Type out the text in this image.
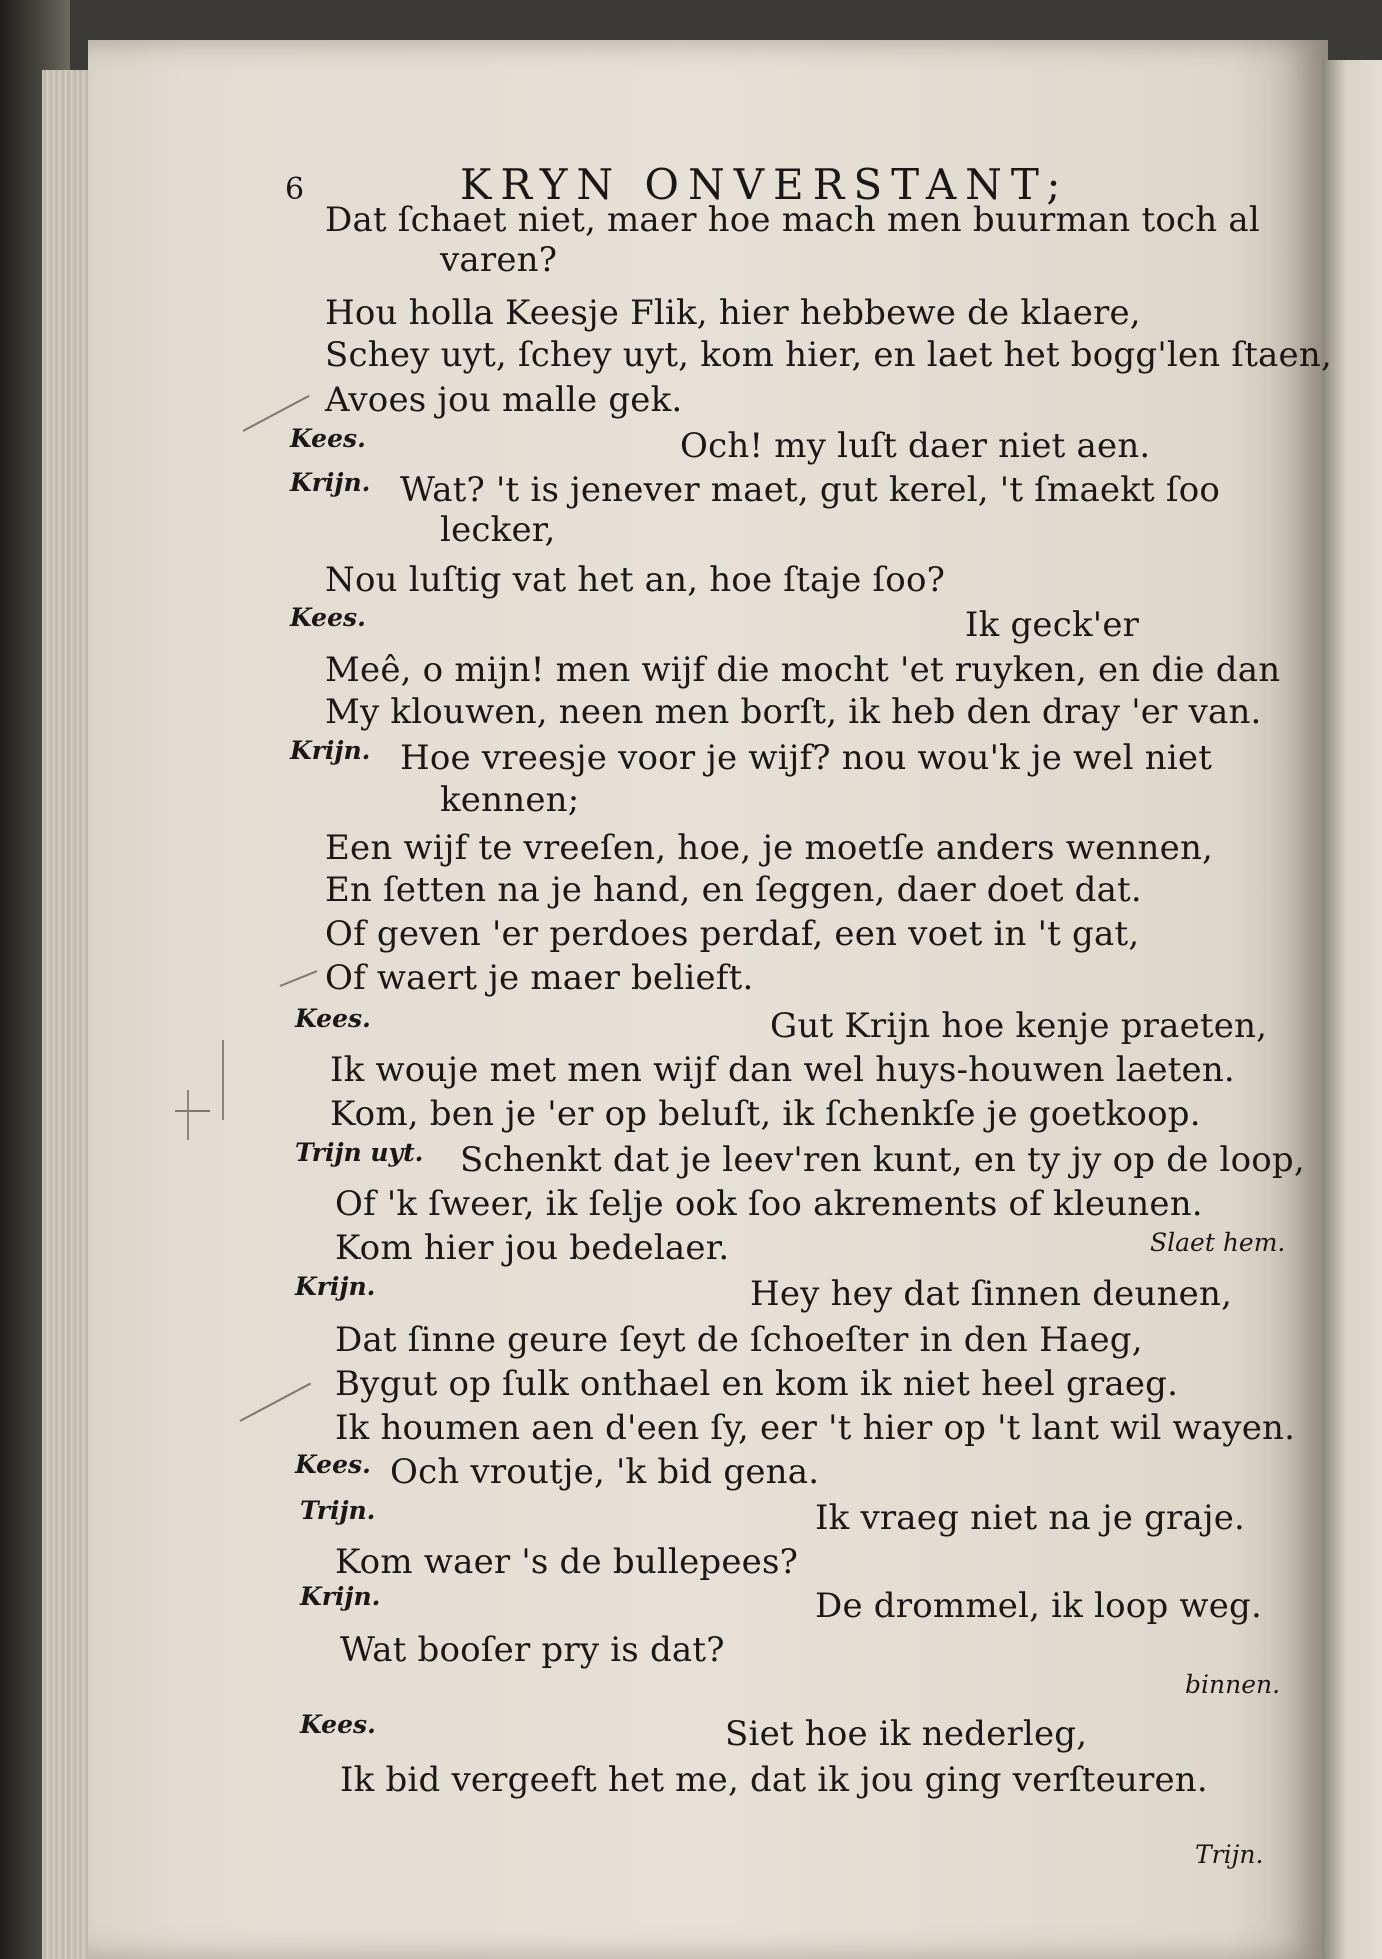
6	KRYN ONVERSTANT;
Dat ſchaet niet, maer hoe mach men buurman toch al
varen?
Hou holla Keesje Flik, hier hebbewe de klaere,
Schey uyt, ſchey uyt, kom hier, en laet het bogg'len ſtaen,
Avoes jou malle gek.
Och! my luſt daer niet aen.
Wat? 't is jenever maet, gut kerel, 't ſmaekt ſoo
lecker,
Nou luſtig vat het an, hoe ſtaje ſoo?
Ik geck'er
Meê, o mijn! men wijf die mocht 'et ruyken, en die dan
My klouwen, neen men borſt, ik heb den dray 'er van.
Hoe vreesje voor je wijf? nou wou'k je wel niet
kennen;
Een wijf te vreeſen, hoe, je moetſe anders wennen,
En ſetten na je hand, en ſeggen, daer doet dat.
Of geven 'er perdoes perdaf, een voet in 't gat,
Of waert je maer belieft.
Gut Krijn hoe kenje praeten,
Ik wouje met men wijf dan wel huys-houwen laeten.
Kom, ben je 'er op beluſt, ik ſchenkſe je goetkoop.
Schenkt dat je leev'ren kunt, en ty jy op de loop,
Of 'k ſweer, ik ſelje ook ſoo akrements of kleunen.
Kom hier jou bedelaer.
Hey hey dat ſinnen deunen,
Dat ſinne geure ſeyt de ſchoeſter in den Haeg,
Bygut op ſulk onthael en kom ik niet heel graeg.
Ik houmen aen d'een ſy, eer 't hier op 't lant wil wayen.
Och vroutje, 'k bid gena.
Ik vraeg niet na je graje.
Kom waer 's de bullepees?
De drommel, ik loop weg.
Wat booſer pry is dat?
Siet hoe ik nederleg,
Ik bid vergeeft het me, dat ik jou ging verſteuren.
Kees.
Krijn.
Kees.
Krijn.
Kees.
Trijn uyt.
Krijn.
Kees.
Trijn.
Krijn.
Kees.
Slaet hem.
binnen.
Trijn.
